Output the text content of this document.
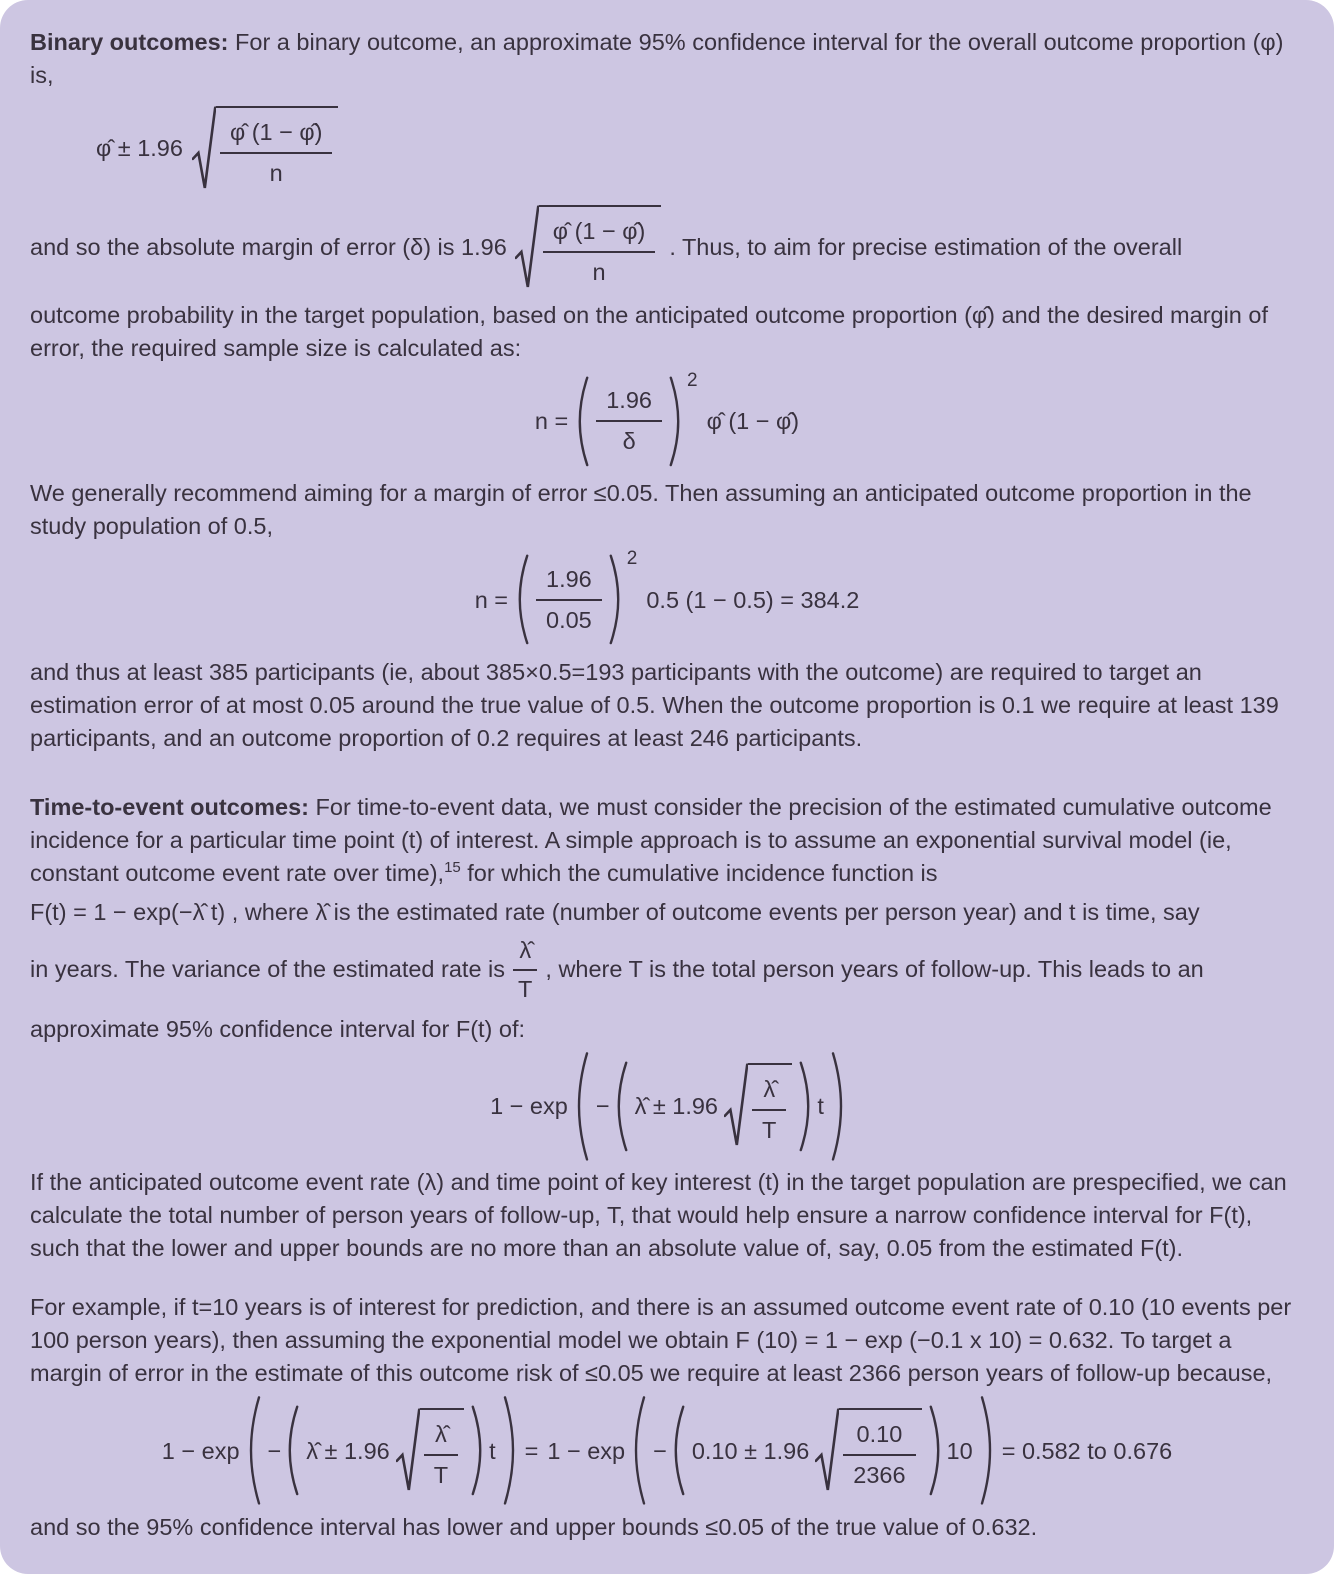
Binary outcomes: For a binary outcome, an approximate 95% confidence interval for the overall outcome proportion (φ) is,

φ̂ ± $1.96 \frac{\varphî (1 - \varphî)}{n}$
and so the absolute margin of error (δ) is $1.96 \frac{\varphî (1 - \varphî)}{n}$ . Thus, to aim for precise estimation of the overall

outcome probability in the target population, based on the anticipated outcome proportion (φ̂) and the desired margin of error, the required sample size is calculated as:

$n = \frac{1.96}{\delta}$
2
φ̂ (1 − φ̂)

We generally recommend aiming for a margin of error ≤0.05. Then assuming an anticipated outcome proportion in the study population of 0.5,

$n = \frac{1.96}{0.05}$
2
0.5 (1 − 0.5) = 384.2

and thus at least 385 participants (ie, about 385×0.5=193 participants with the outcome) are required to target an estimation error of at most 0.05 around the true value of 0.5. When the outcome proportion is 0.1 we require at least 139 participants, and an outcome proportion of 0.2 requires at least 246 participants.

Time-to-event outcomes: For time-to-event data, we must consider the precision of the estimated cumulative outcome incidence for a particular time point (t) of interest. A simple approach is to assume an exponential survival model (ie, constant outcome event rate over time),$^{15}$ for which the cumulative incidence function is

F(t) = 1 − exp(−λ̂ t) , where λ̂ is the estimated rate (number of outcome events per person year) and t is time, say

in years. The variance of the estimated rate is $\frac{\lambdâ}{T}$ , where T is the total person years of follow-up. This leads to an

approximate 95% confidence interval for F(t) of:

1 − exp − λ̂ ± $1.96 \frac{\lambdâ}{T}$ t

If the anticipated outcome event rate (λ) and time point of key interest (t) in the target population are prespecified, we can calculate the total number of person years of follow-up, T, that would help ensure a narrow confidence interval for F(t), such that the lower and upper bounds are no more than an absolute value of, say, 0.05 from the estimated F(t).

For example, if t=10 years is of interest for prediction, and there is an assumed outcome event rate of 0.10 (10 events per 100 person years), then assuming the exponential model we obtain F (10) = 1 − exp (−0.1 x 10) = 0.632. To target a margin of error in the estimate of this outcome risk of ≤0.05 we require at least 2366 person years of follow-up because,

1 − exp − λ̂ ± $1.96 \frac{\lambdâ}{T}$ $t = 1 - \exp - 0.10 \pm 1.96 \frac{0.10}{2366} 10 = 0.582$ to 0.676

and so the 95% confidence interval has lower and upper bounds ≤0.05 of the true value of 0.632.
